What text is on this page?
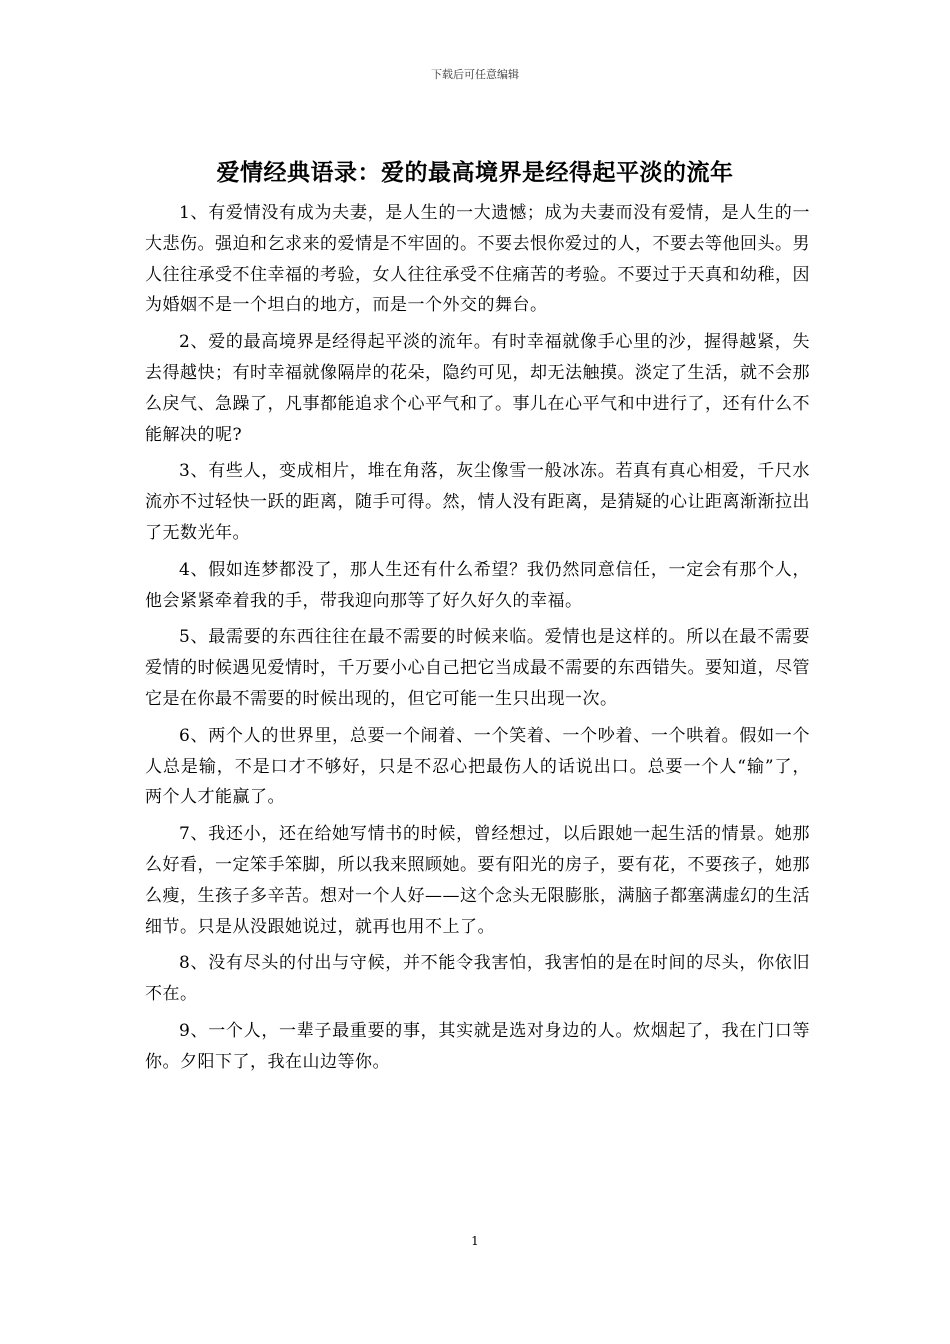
下载后可任意编辑
爱情经典语录：爱的最高境界是经得起平淡的流年

1、有爱情没有成为夫妻，是人生的一大遗憾；成为夫妻而没有爱情，是人生的一大悲伤。强迫和乞求来的爱情是不牢固的。不要去恨你爱过的人，不要去等他回头。男人往往承受不住幸福的考验，女人往往承受不住痛苦的考验。不要过于天真和幼稚，因为婚姻不是一个坦白的地方，而是一个外交的舞台。

2、爱的最高境界是经得起平淡的流年。有时幸福就像手心里的沙，握得越紧，失去得越快；有时幸福就像隔岸的花朵，隐约可见，却无法触摸。淡定了生活，就不会那么戾气、急躁了，凡事都能追求个心平气和了。事儿在心平气和中进行了，还有什么不能解决的呢?

3、有些人，变成相片，堆在角落，灰尘像雪一般冰冻。若真有真心相爱，千尺水流亦不过轻快一跃的距离，随手可得。然，情人没有距离，是猜疑的心让距离渐渐拉出了无数光年。

4、假如连梦都没了，那人生还有什么希望？我仍然同意信任，一定会有那个人，他会紧紧牵着我的手，带我迎向那等了好久好久的幸福。

5、最需要的东西往往在最不需要的时候来临。爱情也是这样的。所以在最不需要爱情的时候遇见爱情时，千万要小心自己把它当成最不需要的东西错失。要知道，尽管它是在你最不需要的时候出现的，但它可能一生只出现一次。

6、两个人的世界里，总要一个闹着、一个笑着、一个吵着、一个哄着。假如一个人总是输，不是口才不够好，只是不忍心把最伤人的话说出口。总要一个人“输”了，两个人才能赢了。

7、我还小，还在给她写情书的时候，曾经想过，以后跟她一起生活的情景。她那么好看，一定笨手笨脚，所以我来照顾她。要有阳光的房子，要有花，不要孩子，她那么瘦，生孩子多辛苦。想对一个人好——这个念头无限膨胀，满脑子都塞满虚幻的生活细节。只是从没跟她说过，就再也用不上了。

8、没有尽头的付出与守候，并不能令我害怕，我害怕的是在时间的尽头，你依旧不在。

9、一个人，一辈子最重要的事，其实就是选对身边的人。炊烟起了，我在门口等你。夕阳下了，我在山边等你。

1
